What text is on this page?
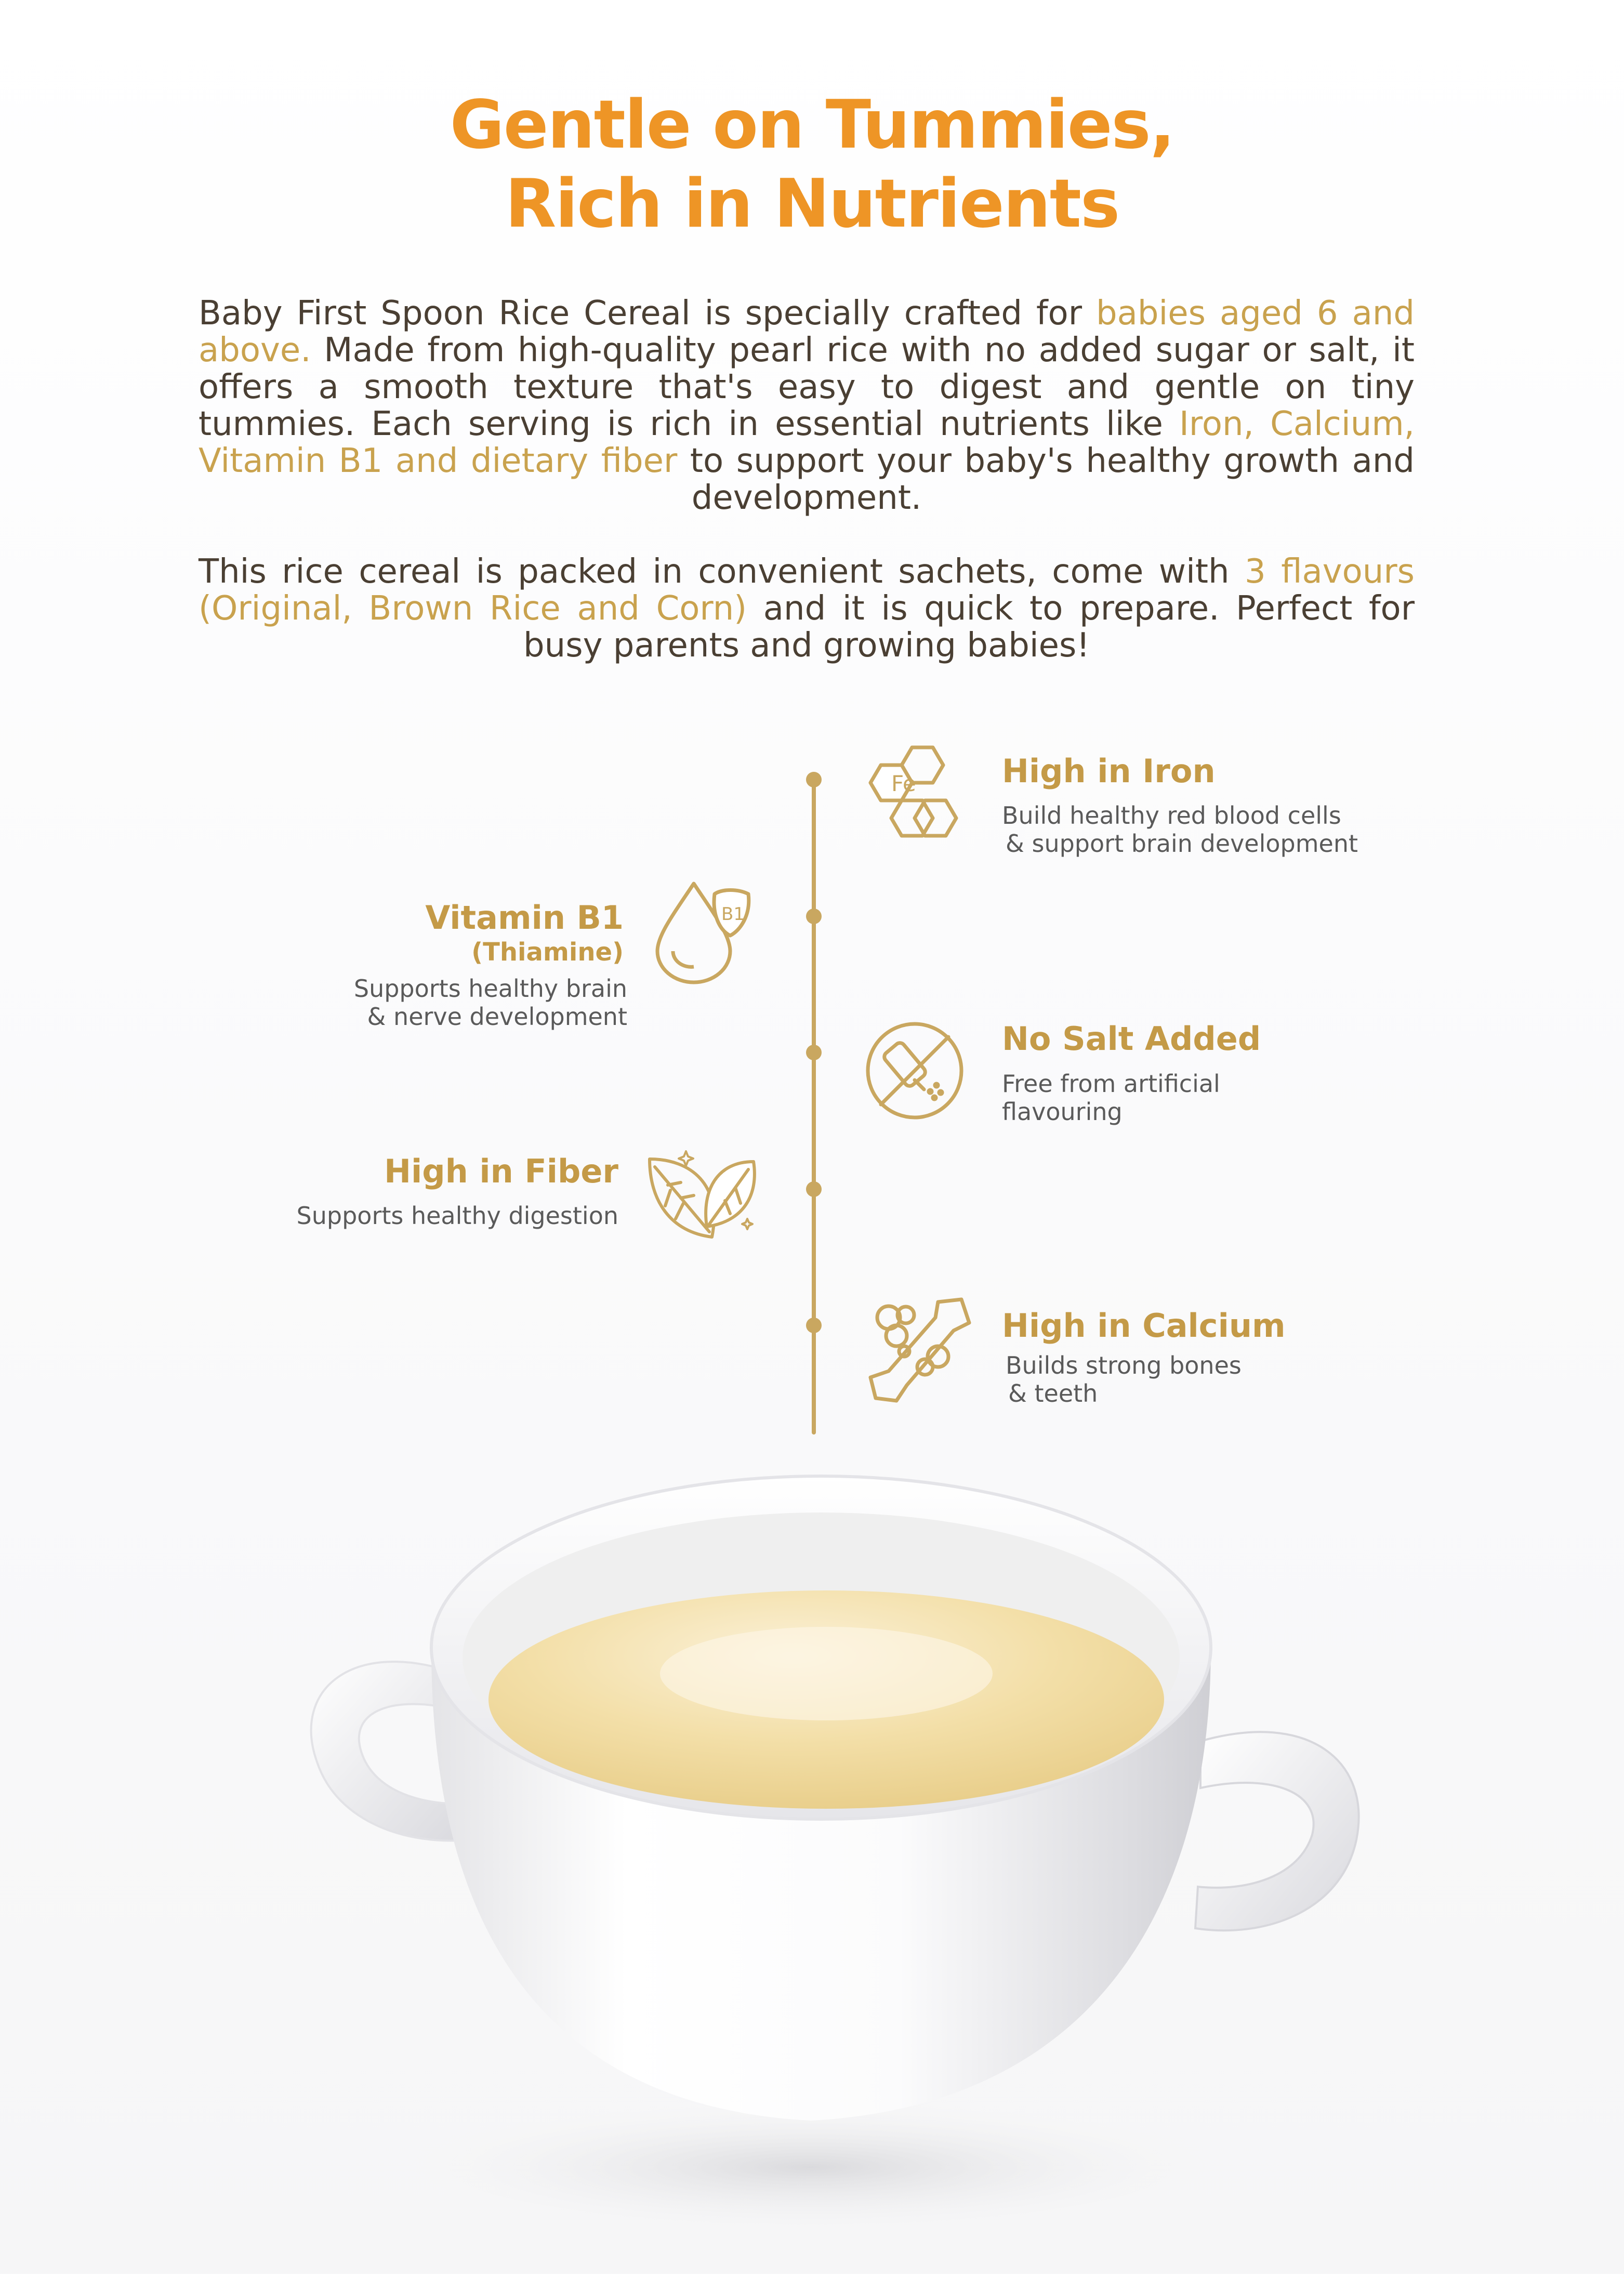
Gentle on Tummies,
Rich in Nutrients

Baby First Spoon Rice Cereal is specially crafted for babies aged 6 and above. Made from high-quality pearl rice with no added sugar or salt, it offers a smooth texture that's easy to digest and gentle on tiny tummies. Each serving is rich in essential nutrients like Iron, Calcium, Vitamin B1 and dietary fiber to support your baby's healthy growth and development.

This rice cereal is packed in convenient sachets, come with 3 flavours (Original, Brown Rice and Corn) and it is quick to prepare. Perfect for busy parents and growing babies!

Fe	High in Iron

Build healthy red blood cells

& support brain development

B1
Vitamin B1

(Thiamine)

Supports healthy brain

& nerve development

No Salt Added

Free from artificial

flavouring

High in Fiber

Supports healthy digestion

High in Calcium

Builds strong bones

& teeth
